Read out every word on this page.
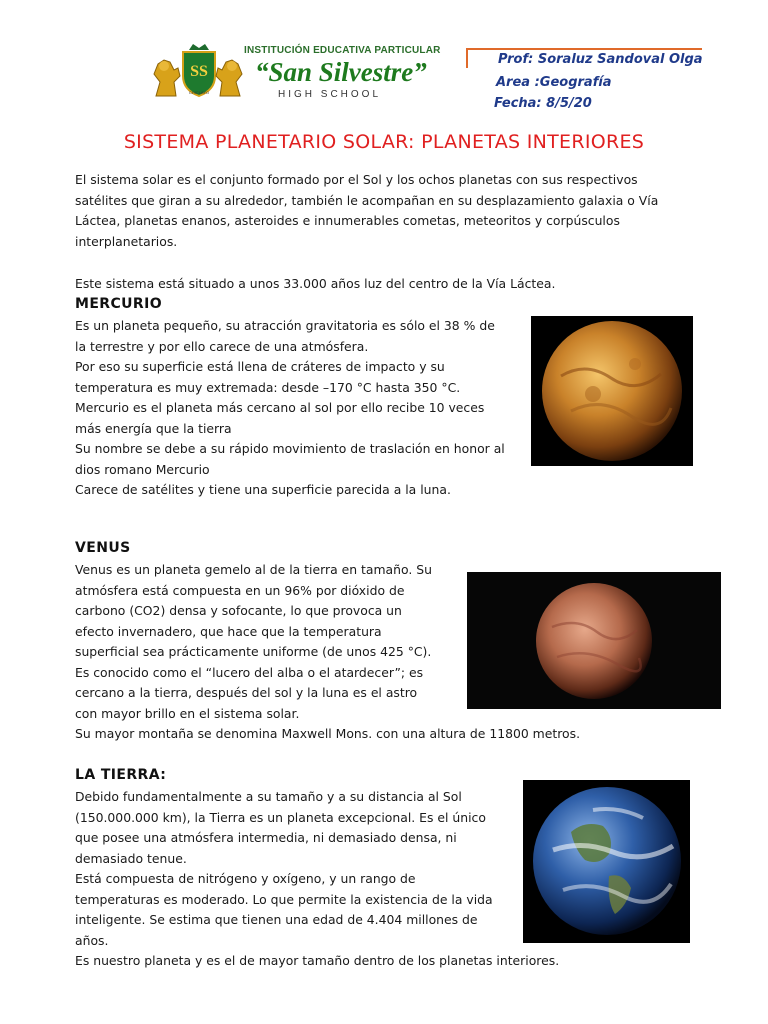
SS
CHICLAYO
INSTITUCIÓN EDUCATIVA PARTICULAR
“San Silvestre”
HIGH SCHOOL
Prof: Soraluz Sandoval Olga
Area :Geografía
Fecha: 8/5/20
SISTEMA PLANETARIO SOLAR: PLANETAS INTERIORES
El sistema solar es el conjunto formado por el Sol y los ochos planetas con sus respectivos
satélites que giran a su alrededor, también le acompañan en su desplazamiento galaxia o Vía
Láctea, planetas enanos, asteroides e innumerables cometas, meteoritos y corpúsculos
interplanetarios.
Este sistema está situado a unos 33.000 años luz del centro de la Vía Láctea.
MERCURIO
Es un planeta pequeño, su atracción gravitatoria es sólo el 38 % de
la terrestre y por ello carece de una atmósfera.
Por eso su superficie está llena de cráteres de impacto y su
temperatura es muy extremada: desde –170 °C hasta 350 °C.
Mercurio es el planeta más cercano al sol por ello recibe 10 veces
más energía que la tierra
Su nombre se debe a su rápido movimiento de traslación en honor al
dios romano Mercurio
Carece de satélites y tiene una superficie parecida a la luna.
VENUS
Venus es un planeta gemelo al de la tierra en tamaño. Su
atmósfera está compuesta en un 96% por dióxido de
carbono (CO2) densa y sofocante, lo que provoca un
efecto invernadero, que hace que la temperatura
superficial sea prácticamente uniforme (de unos 425 °C).
Es conocido como el “lucero del alba o el atardecer”; es
cercano a la tierra, después del sol y la luna es el astro
con mayor brillo en el sistema solar.
Su mayor montaña se denomina Maxwell Mons. con una altura de 11800 metros.
LA TIERRA:
Debido fundamentalmente a su tamaño y a su distancia al Sol
(150.000.000 km), la Tierra es un planeta excepcional. Es el único
que posee una atmósfera intermedia, ni demasiado densa, ni
demasiado tenue.
Está compuesta de nitrógeno y oxígeno, y un rango de
temperaturas es moderado. Lo que permite la existencia de la vida
inteligente. Se estima que tienen una edad de 4.404 millones de
años.
Es nuestro planeta y es el de mayor tamaño dentro de los planetas interiores.
